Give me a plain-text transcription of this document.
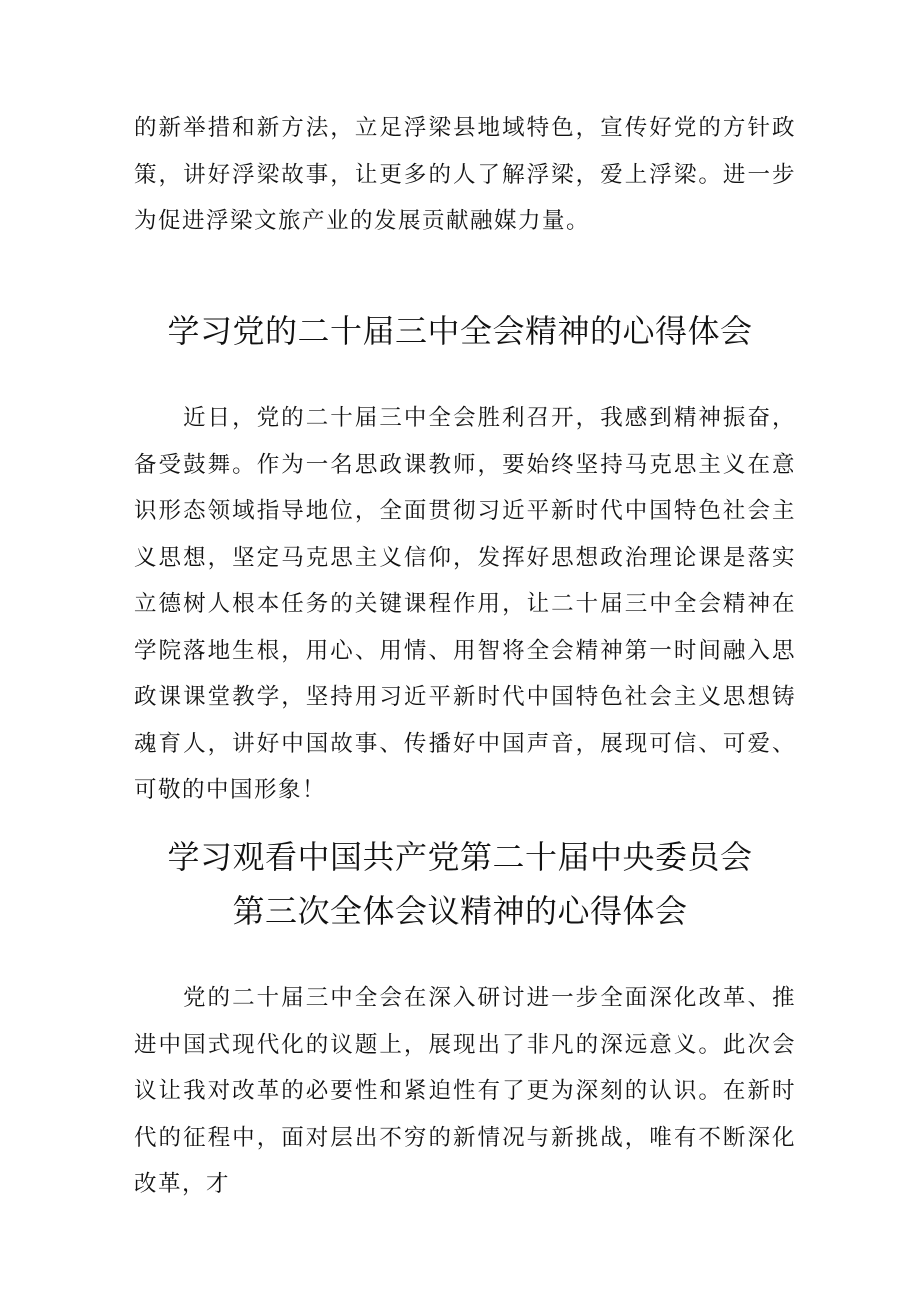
的新举措和新方法，立足浮梁县地域特色，宣传好党的方针政策，讲好浮梁故事，让更多的人了解浮梁，爱上浮梁。进一步为促进浮梁文旅产业的发展贡献融媒力量。

学习党的二十届三中全会精神的心得体会

近日，党的二十届三中全会胜利召开，我感到精神振奋，备受鼓舞。作为一名思政课教师，要始终坚持马克思主义在意识形态领域指导地位，全面贯彻习近平新时代中国特色社会主义思想，坚定马克思主义信仰，发挥好思想政治理论课是落实立德树人根本任务的关键课程作用，让二十届三中全会精神在学院落地生根，用心、用情、用智将全会精神第一时间融入思政课课堂教学，坚持用习近平新时代中国特色社会主义思想铸魂育人，讲好中国故事、传播好中国声音，展现可信、可爱、可敬的中国形象！

学习观看中国共产党第二十届中央委员会
第三次全体会议精神的心得体会

党的二十届三中全会在深入研讨进一步全面深化改革、推进中国式现代化的议题上，展现出了非凡的深远意义。此次会议让我对改革的必要性和紧迫性有了更为深刻的认识。在新时代的征程中，面对层出不穷的新情况与新挑战，唯有不断深化改革，才
